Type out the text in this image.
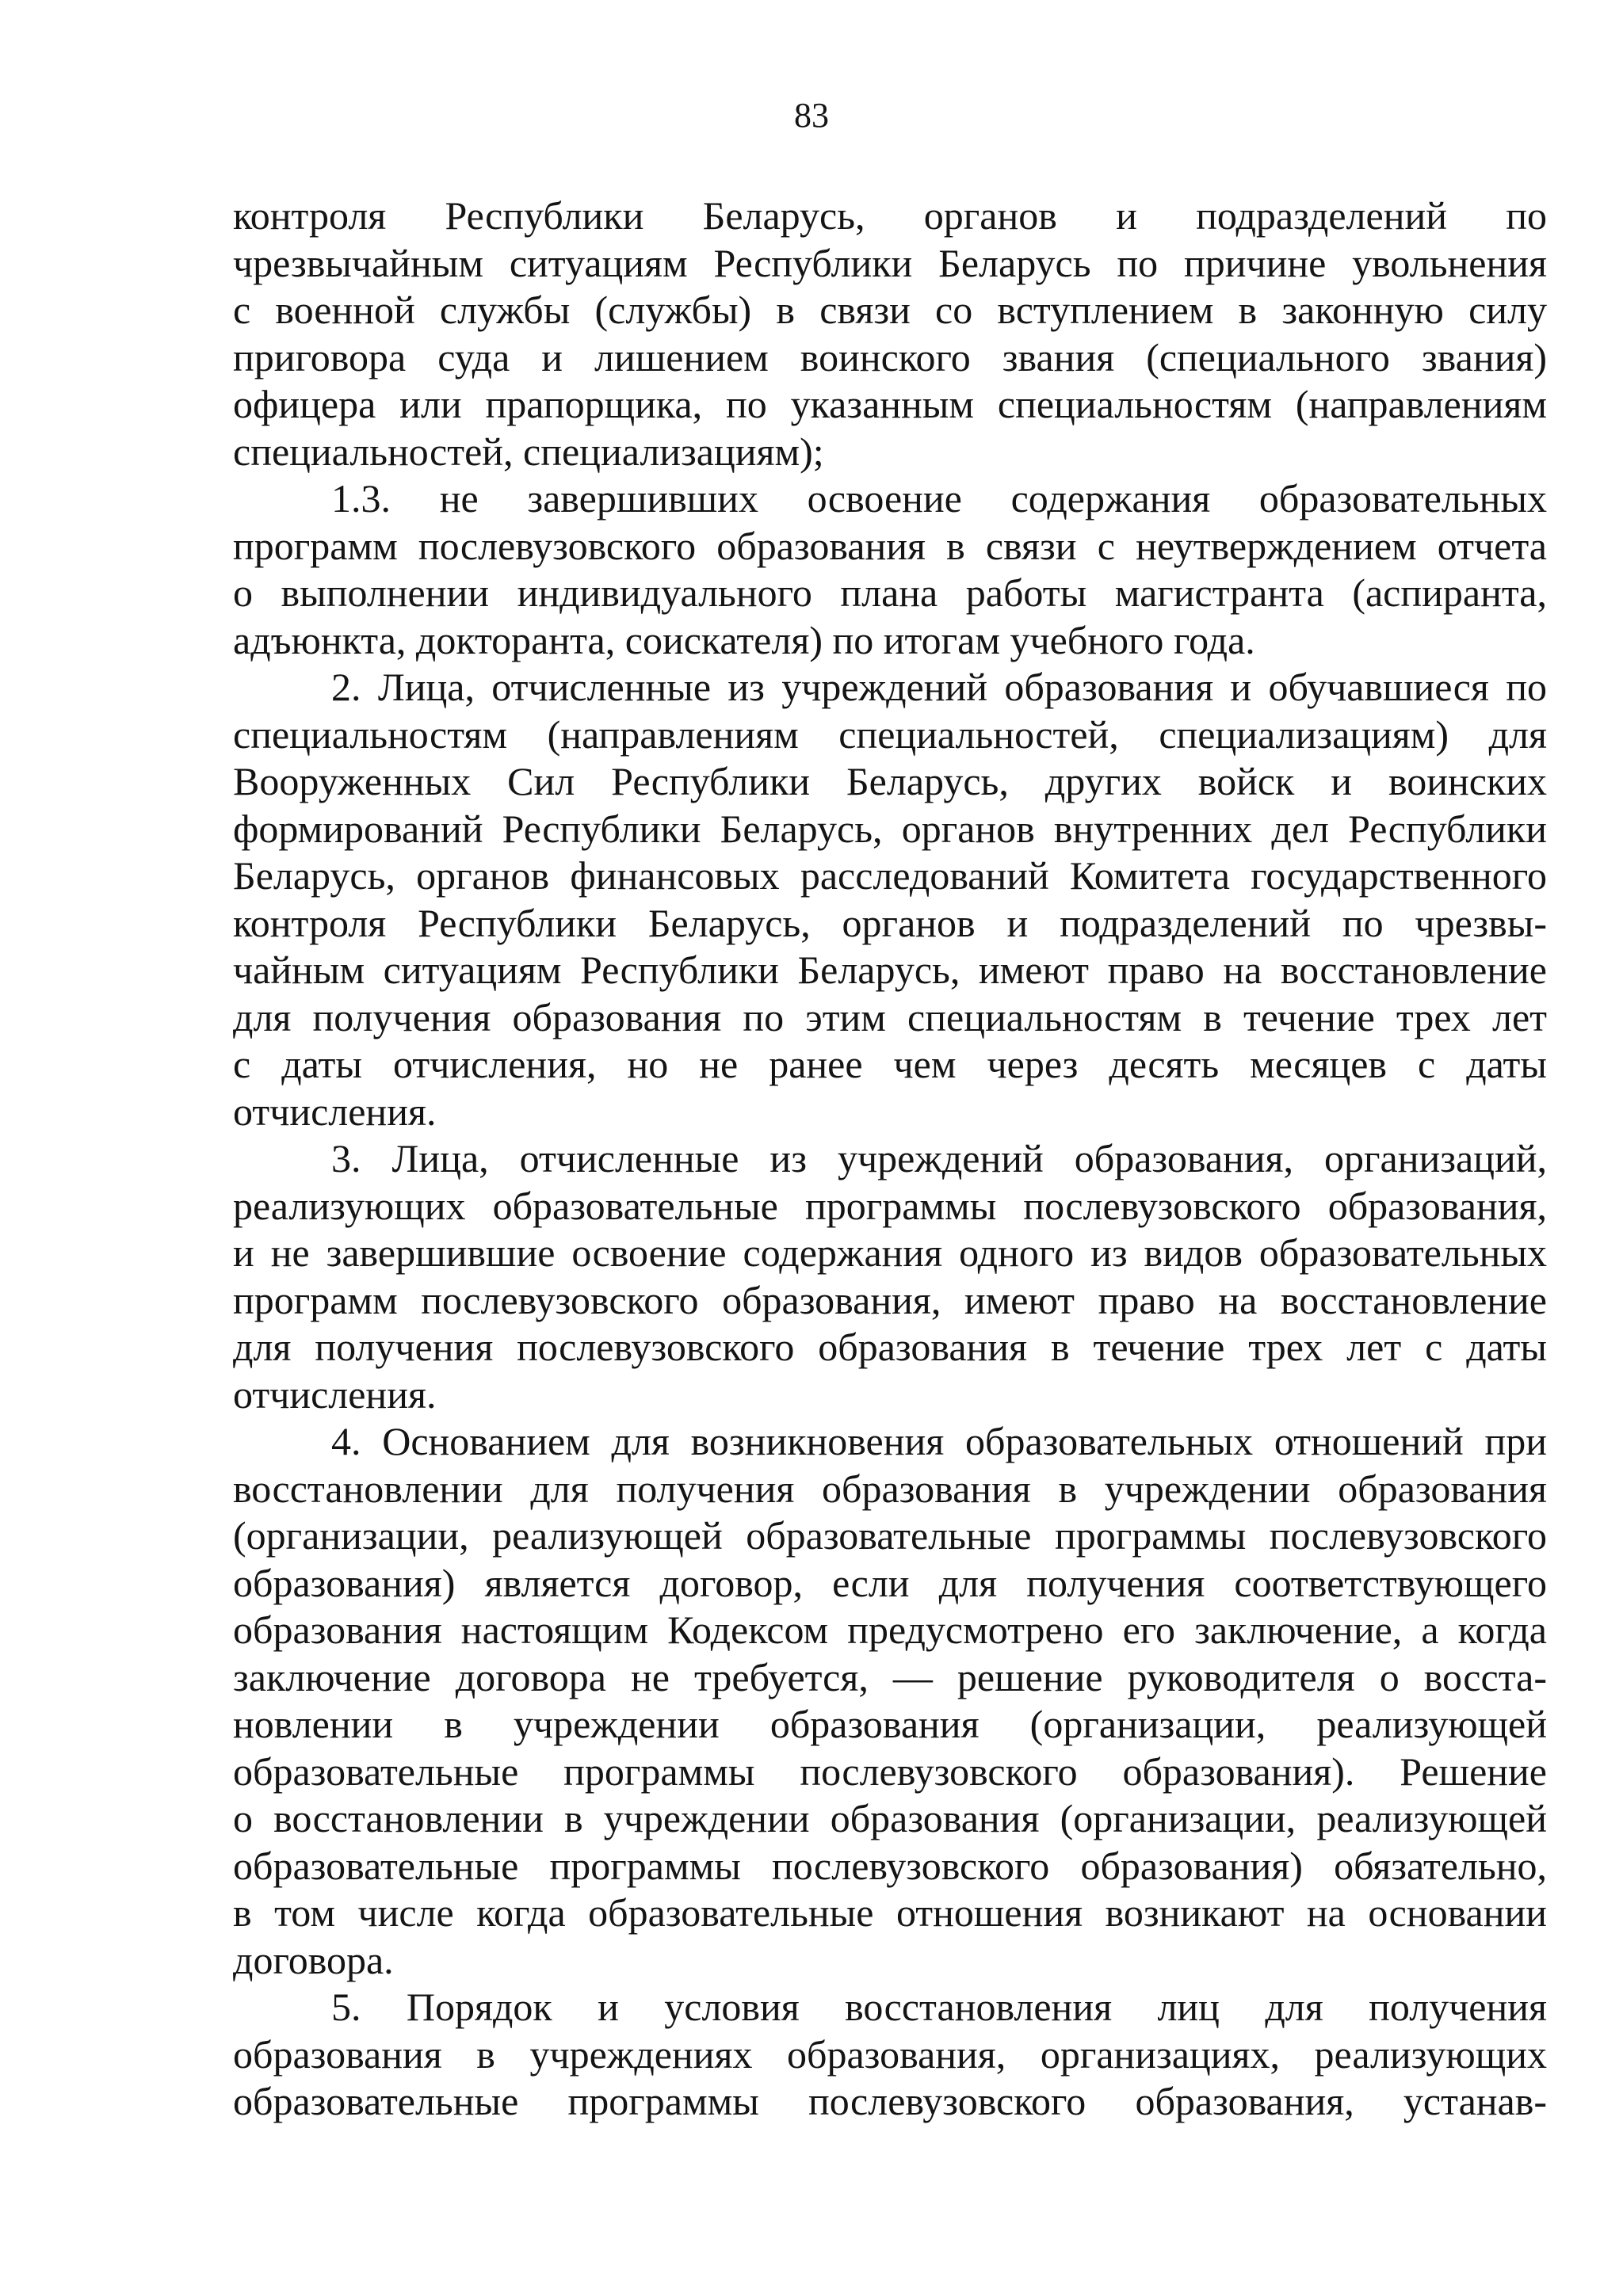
83
контроля Республики Беларусь, органов и подразделений по
чрезвычайным ситуациям Республики Беларусь по причине увольнения
с военной службы (службы) в связи со вступлением в законную силу
приговора суда и лишением воинского звания (специального звания)
офицера или прапорщика, по указанным специальностям (направлениям
специальностей, специализациям);
1.3. не завершивших освоение содержания образовательных
программ послевузовского образования в связи с неутверждением отчета
о выполнении индивидуального плана работы магистранта (аспиранта,
адъюнкта, докторанта, соискателя) по итогам учебного года.
2. Лица, отчисленные из учреждений образования и обучавшиеся по
специальностям (направлениям специальностей, специализациям) для
Вооруженных Сил Республики Беларусь, других войск и воинских
формирований Республики Беларусь, органов внутренних дел Республики
Беларусь, органов финансовых расследований Комитета государственного
контроля Республики Беларусь, органов и подразделений по чрезвы-
чайным ситуациям Республики Беларусь, имеют право на восстановление
для получения образования по этим специальностям в течение трех лет
с даты отчисления, но не ранее чем через десять месяцев с даты
отчисления.
3. Лица, отчисленные из учреждений образования, организаций,
реализующих образовательные программы послевузовского образования,
и не завершившие освоение содержания одного из видов образовательных
программ послевузовского образования, имеют право на восстановление
для получения послевузовского образования в течение трех лет с даты
отчисления.
4. Основанием для возникновения образовательных отношений при
восстановлении для получения образования в учреждении образования
(организации, реализующей образовательные программы послевузовского
образования) является договор, если для получения соответствующего
образования настоящим Кодексом предусмотрено его заключение, а когда
заключение договора не требуется, — решение руководителя о восста-
новлении в учреждении образования (организации, реализующей
образовательные программы послевузовского образования). Решение
о восстановлении в учреждении образования (организации, реализующей
образовательные программы послевузовского образования) обязательно,
в том числе когда образовательные отношения возникают на основании
договора.
5. Порядок и условия восстановления лиц для получения
образования в учреждениях образования, организациях, реализующих
образовательные программы послевузовского образования, устанав-
